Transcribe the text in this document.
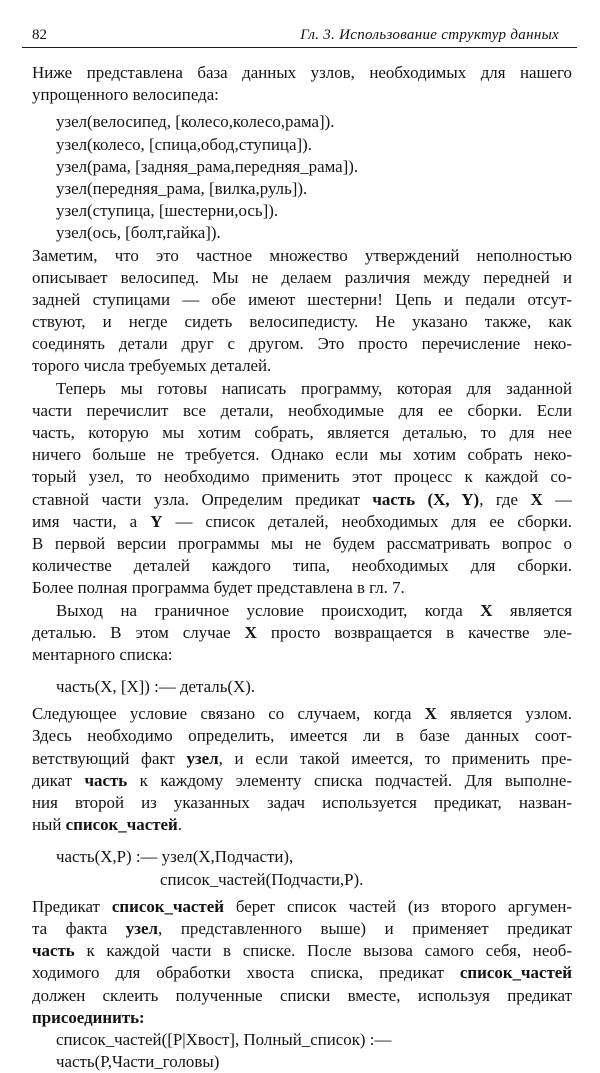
82	Гл. 3. Использование структур данных
Ниже представлена база данных узлов, необходимых для нашего
упрощенного велосипеда:
узел(велосипед, [колесо,колесо,рама]).
узел(колесо, [спица,обод,ступица]).
узел(рама, [задняя_рама,передняя_рама]).
узел(передняя_рама, [вилка,руль]).
узел(ступица, [шестерни,ось]).
узел(ось, [болт,гайка]).
Заметим, что это частное множество утверждений неполностью
описывает велосипед. Мы не делаем различия между передней и
задней ступицами — обе имеют шестерни! Цепь и педали отсут-
ствуют, и негде сидеть велосипедисту. Не указано также, как
соединять детали друг с другом. Это просто перечисление неко-
торого числа требуемых деталей.
Теперь мы готовы написать программу, которая для заданной
части перечислит все детали, необходимые для ее сборки. Если
часть, которую мы хотим собрать, является деталью, то для нее
ничего больше не требуется. Однако если мы хотим собрать неко-
торый узел, то необходимо применить этот процесс к каждой со-
ставной части узла. Определим предикат часть (X, Y), где X —
имя части, а Y — список деталей, необходимых для ее сборки.
В первой версии программы мы не будем рассматривать вопрос о
количестве деталей каждого типа, необходимых для сборки.
Более полная программа будет представлена в гл. 7.
Выход на граничное условие происходит, когда X является
деталью. В этом случае X просто возвращается в качестве эле-
ментарного списка:
часть(X, [X]) :— деталь(X).
Следующее условие связано со случаем, когда X является узлом.
Здесь необходимо определить, имеется ли в базе данных соот-
ветствующий факт узел, и если такой имеется, то применить пре-
дикат часть к каждому элементу списка подчастей. Для выполне-
ния второй из указанных задач используется предикат, назван-
ный список_частей.
часть(X,P) :— узел(X,Подчасти),
список_частей(Подчасти,P).
Предикат список_частей берет список частей (из второго аргумен-
та факта узел, представленного выше) и применяет предикат
часть к каждой части в списке. После вызова самого себя, необ-
ходимого для обработки хвоста списка, предикат список_частей
должен склеить полученные списки вместе, используя предикат
присоединить:
список_частей([P|Xвост], Полный_список) :—
часть(P,Части_головы)
